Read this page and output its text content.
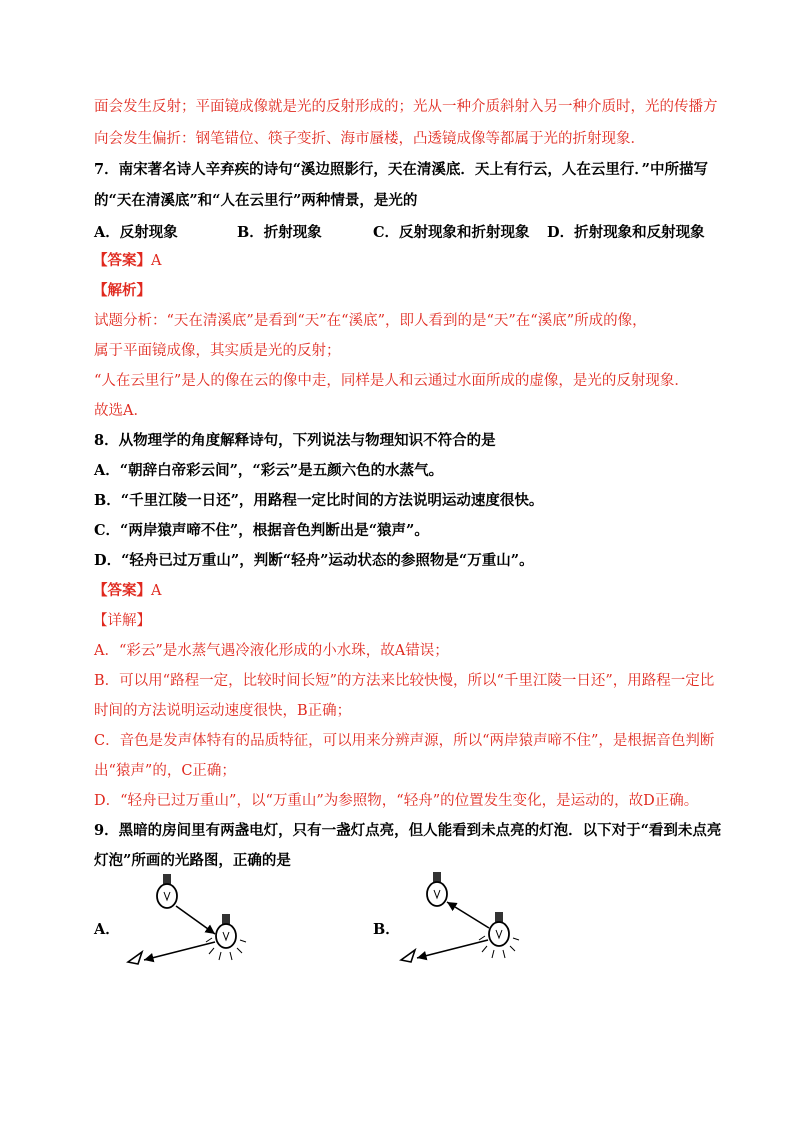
面会发生反射；平面镜成像就是光的反射形成的；光从一种介质斜射入另一种介质时，光的传播方
向会发生偏折：钢笔错位、筷子变折、海市蜃楼，凸透镜成像等都属于光的折射现象．
7．南宋著名诗人辛弃疾的诗句“溪边照影行，天在清溪底．天上有行云，人在云里行．”中所描写
的“天在清溪底”和“人在云里行”两种情景，是光的
A．反射现象	B．折射现象	C．反射现象和折射现象 D．折射现象和反射现象
【答案】A
【解析】
试题分析：“天在清溪底”是看到“天”在“溪底”，即人看到的是“天”在“溪底”所成的像，
属于平面镜成像，其实质是光的反射；
“人在云里行”是人的像在云的像中走，同样是人和云通过水面所成的虚像，是光的反射现象．
故选A．
8．从物理学的角度解释诗句，下列说法与物理知识不符合的是
A．“朝辞白帝彩云间”，“彩云”是五颜六色的水蒸气。
B．“千里江陵一日还”，用路程一定比时间的方法说明运动速度很快。
C．“两岸猿声啼不住”，根据音色判断出是“猿声”。
D．“轻舟已过万重山”，判断“轻舟”运动状态的参照物是“万重山”。
【答案】A
【详解】
A．“彩云”是水蒸气遇冷液化形成的小水珠，故A错误；
B．可以用“路程一定，比较时间长短”的方法来比较快慢，所以“千里江陵一日还”，用路程一定比
时间的方法说明运动速度很快，B正确；
C．音色是发声体特有的品质特征，可以用来分辨声源，所以“两岸猿声啼不住”，是根据音色判断
出“猿声”的，C正确；
D．“轻舟已过万重山”，以“万重山”为参照物，“轻舟”的位置发生变化，是运动的，故D正确。
9．黑暗的房间里有两盏电灯，只有一盏灯点亮，但人能看到未点亮的灯泡．以下对于“看到未点亮
灯泡”所画的光路图，正确的是
A．	B．
